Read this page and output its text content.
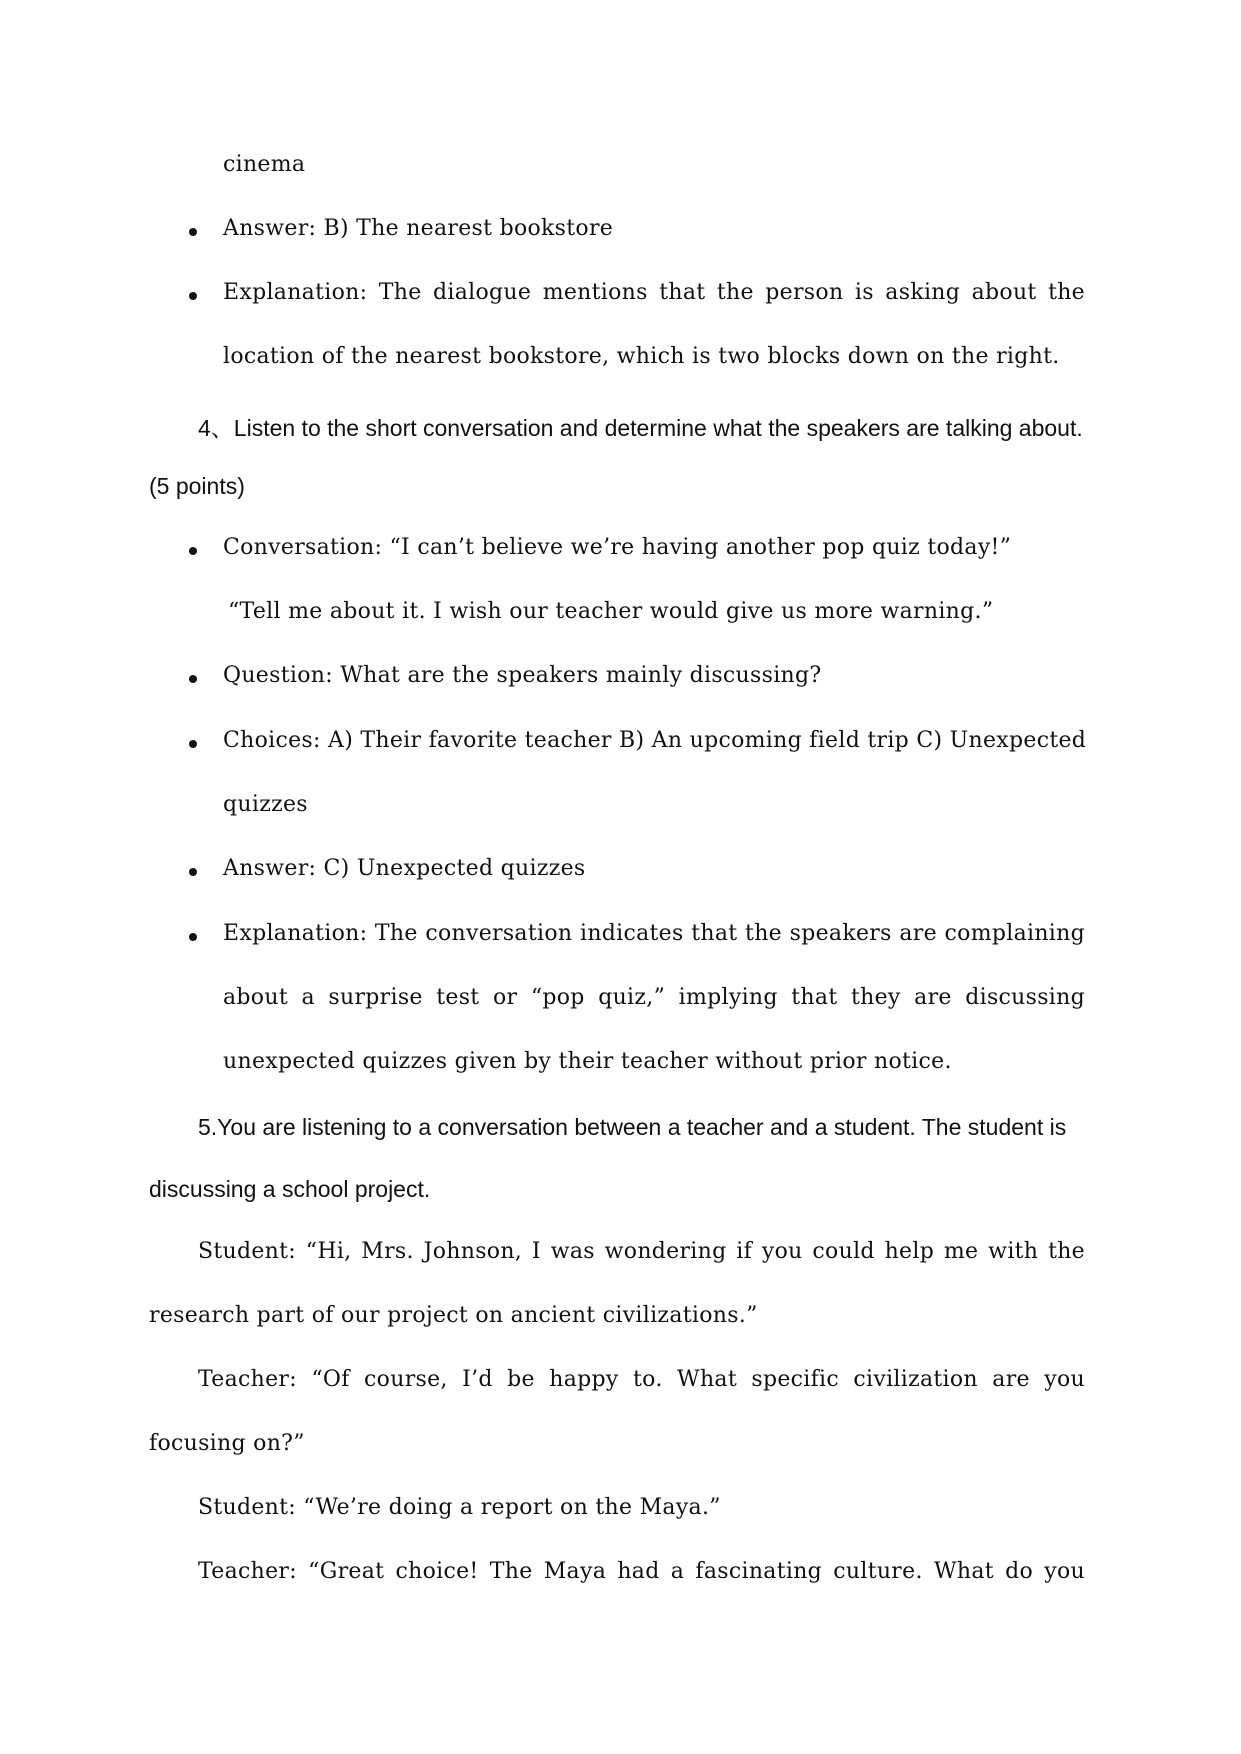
cinema
Answer: B) The nearest bookstore
Explanation: The dialogue mentions that the person is asking about the
location of the nearest bookstore, which is two blocks down on the right.
4、Listen to the short conversation and determine what the speakers are talking about.
(5 points)
Conversation: “I can’t believe we’re having another pop quiz today!”
“Tell me about it. I wish our teacher would give us more warning.”
Question: What are the speakers mainly discussing?
Choices: A) Their favorite teacher B) An upcoming field trip C) Unexpected
quizzes
Answer: C) Unexpected quizzes
Explanation: The conversation indicates that the speakers are complaining
about a surprise test or “pop quiz,” implying that they are discussing
unexpected quizzes given by their teacher without prior notice.
5.You are listening to a conversation between a teacher and a student. The student is
discussing a school project.
Student: “Hi, Mrs. Johnson, I was wondering if you could help me with the
research part of our project on ancient civilizations.”
Teacher: “Of course, I’d be happy to. What specific civilization are you
focusing on?”
Student: “We’re doing a report on the Maya.”
Teacher: “Great choice! The Maya had a fascinating culture. What do you
